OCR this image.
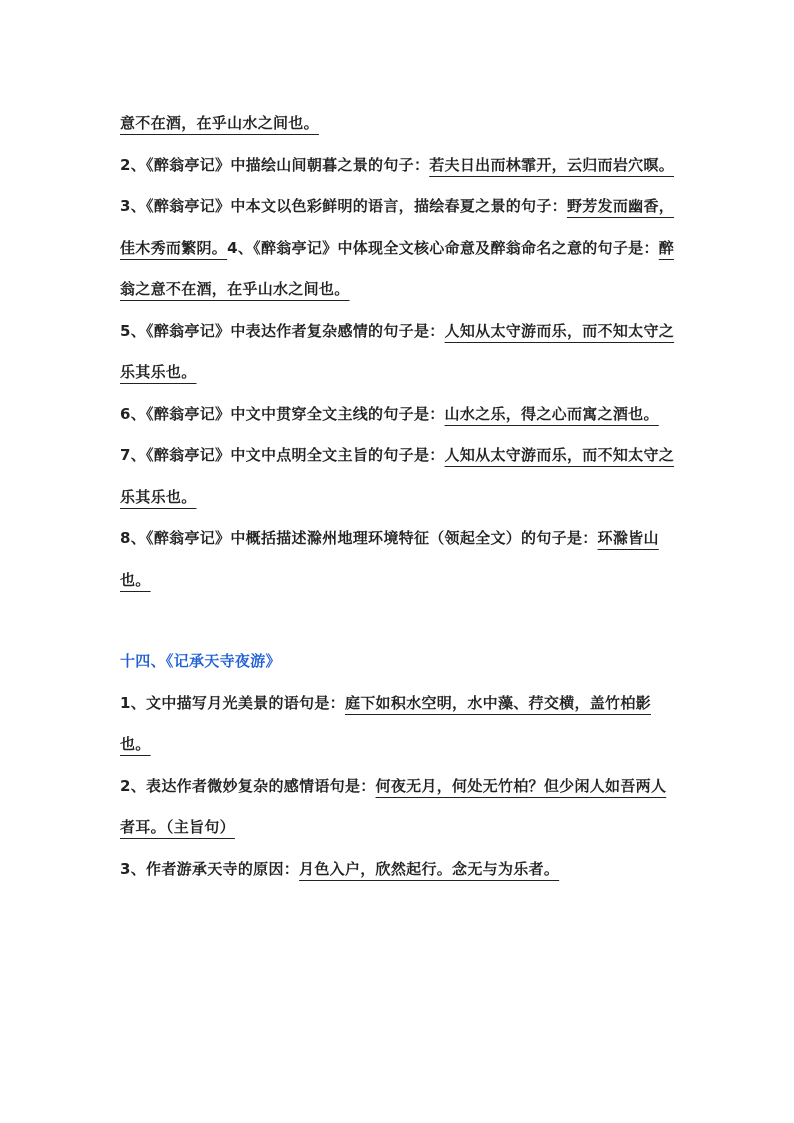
意不在酒，在乎山水之间也。

2、《醉翁亭记》中描绘山间朝暮之景的句子：若夫日出而林霏开，云归而岩穴暝。

3、《醉翁亭记》中本文以色彩鲜明的语言，描绘春夏之景的句子：野芳发而幽香，佳木秀而繁阴。4、《醉翁亭记》中体现全文核心命意及醉翁命名之意的句子是：醉翁之意不在酒，在乎山水之间也。

5、《醉翁亭记》中表达作者复杂感情的句子是：人知从太守游而乐，而不知太守之乐其乐也。

6、《醉翁亭记》中文中贯穿全文主线的句子是：山水之乐，得之心而寓之酒也。

7、《醉翁亭记》中文中点明全文主旨的句子是：人知从太守游而乐，而不知太守之乐其乐也。

8、《醉翁亭记》中概括描述滁州地理环境特征（领起全文）的句子是：环滁皆山也。

十四、《记承天寺夜游》

1、文中描写月光美景的语句是：庭下如积水空明，水中藻、荇交横，盖竹柏影也。

2、表达作者微妙复杂的感情语句是：何夜无月，何处无竹柏？但少闲人如吾两人者耳。（主旨句）

3、作者游承天寺的原因：月色入户，欣然起行。念无与为乐者。
